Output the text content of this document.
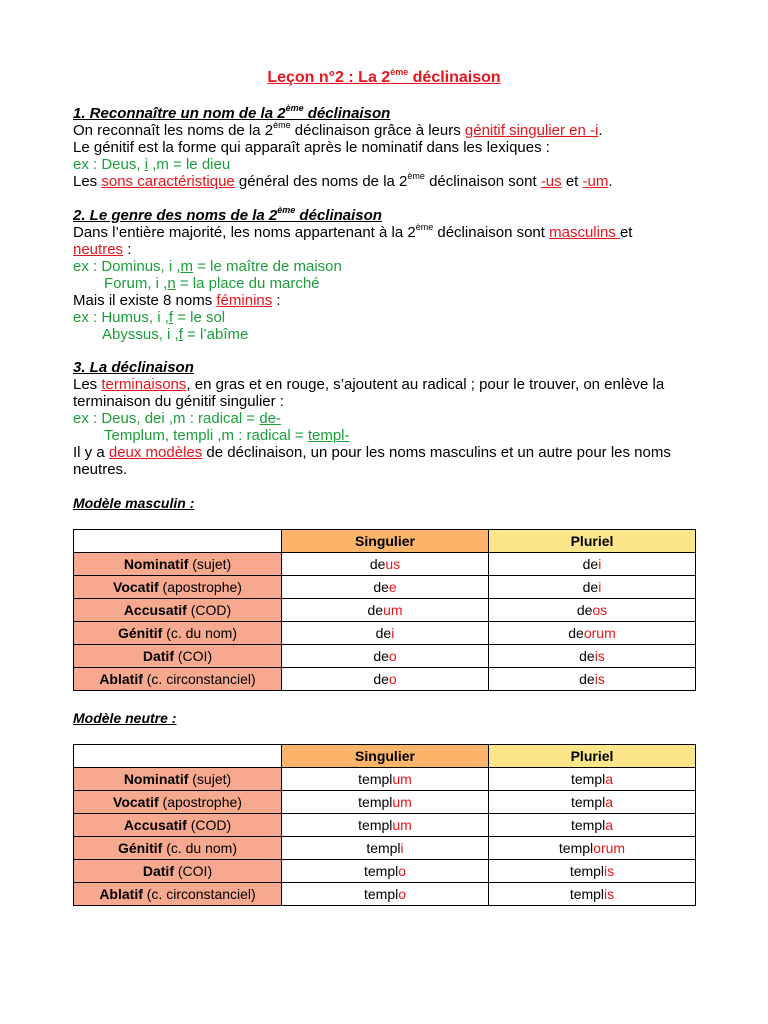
Leçon n°2 : La 2ème déclinaison
1. Reconnaître un nom de la 2ème déclinaison
On reconnaît les noms de la 2ème déclinaison grâce à leurs génitif singulier en -i.
Le génitif est la forme qui apparaît après le nominatif dans les lexiques :
ex : Deus, i ,m = le dieu
Les sons caractéristique général des noms de la 2ème déclinaison sont -us et -um.
2. Le genre des noms de la 2ème déclinaison
Dans l’entière majorité, les noms appartenant à la 2ème déclinaison sont masculins et
neutres :
ex : Dominus, i ,m = le maître de maison
Forum, i ,n = la place du marché
Mais il existe 8 noms féminins :
ex : Humus, i ,f = le sol
Abyssus, i ,f = l’abîme
3. La déclinaison
Les terminaisons, en gras et en rouge, s’ajoutent au radical ; pour le trouver, on enlève la
terminaison du génitif singulier :
ex : Deus, dei ,m : radical = de-
Templum, templi ,m : radical = templ-
Il y a deux modèles de déclinaison, un pour les noms masculins et un autre pour les noms
neutres.
Modèle masculin :
	Singulier	Pluriel
Nominatif (sujet)	deus	dei
Vocatif (apostrophe)	dee	dei
Accusatif (COD)	deum	deos
Génitif (c. du nom)	dei	deorum
Datif (COI)	deo	deis
Ablatif (c. circonstanciel)	deo	deis
Modèle neutre :
	Singulier	Pluriel
Nominatif (sujet)	templum	templa
Vocatif (apostrophe)	templum	templa
Accusatif (COD)	templum	templa
Génitif (c. du nom)	templi	templorum
Datif (COI)	templo	templis
Ablatif (c. circonstanciel)	templo	templis
